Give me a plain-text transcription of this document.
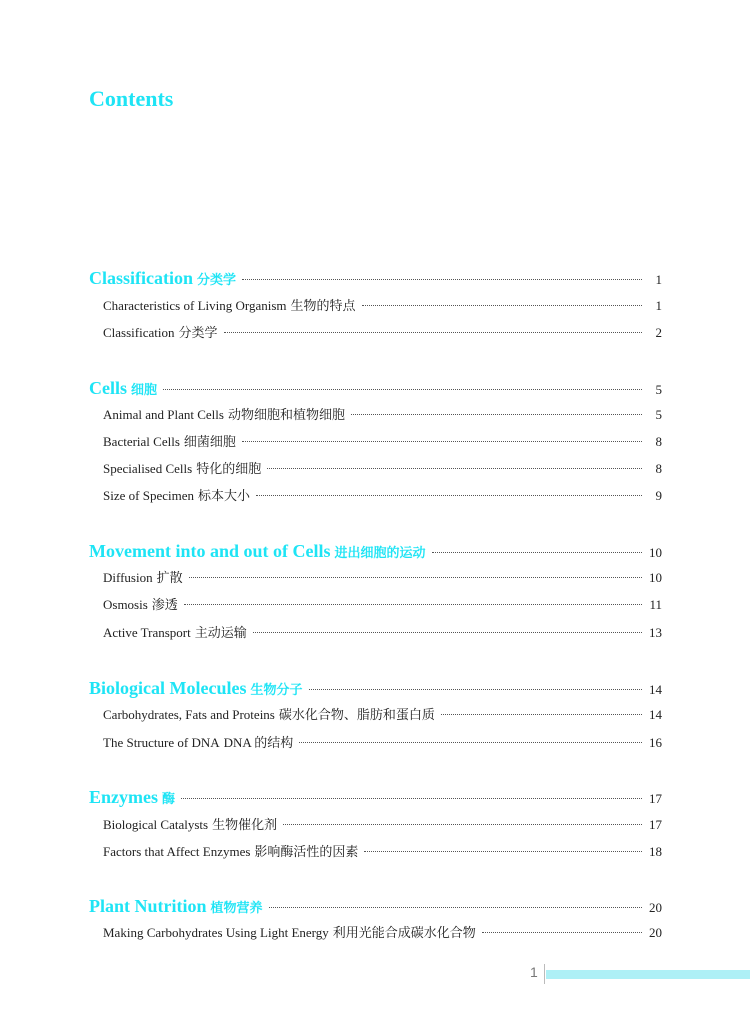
Contents
Classification 分类学	1
Characteristics of Living Organism 生物的特点	1
Classification 分类学	2
Cells 细胞	5
Animal and Plant Cells 动物细胞和植物细胞	5
Bacterial Cells 细菌细胞	8
Specialised Cells 特化的细胞	8
Size of Specimen 标本大小	9
Movement into and out of Cells 进出细胞的运动	10
Diffusion 扩散	10
Osmosis 渗透	11
Active Transport 主动运输	13
Biological Molecules 生物分子	14
Carbohydrates, Fats and Proteins 碳水化合物、脂肪和蛋白质	14
The Structure of DNA DNA 的结构	16
Enzymes 酶	17
Biological Catalysts 生物催化剂	17
Factors that Affect Enzymes 影响酶活性的因素	18
Plant Nutrition 植物营养	20
Making Carbohydrates Using Light Energy 利用光能合成碳水化合物	20
1
